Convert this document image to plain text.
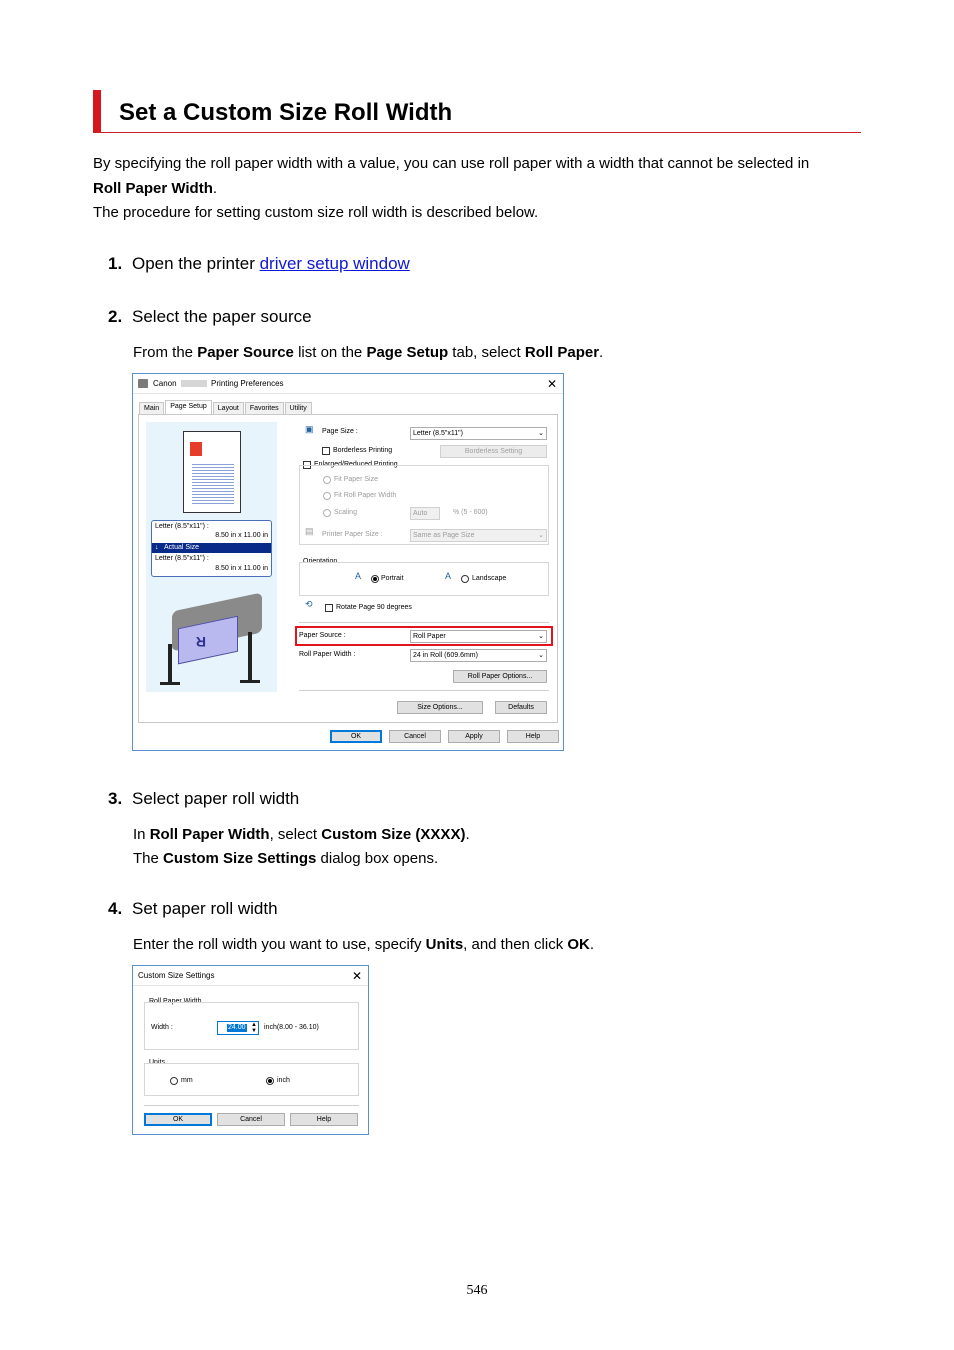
Set a Custom Size Roll Width
By specifying the roll paper width with a value, you can use roll paper with a width that cannot be selected in
Roll Paper Width.
The procedure for setting custom size roll width is described below.
1. Open the printer driver setup window
2. Select the paper source
From the Paper Source list on the Page Setup tab, select Roll Paper.
Canon	Printing Preferences	✕
Main	Page Setup	Layout	Favorites	Utility
Letter (8.5"x11") :
8.50 in x 11.00 in
↓ Actual Size
Letter (8.5"x11") :
8.50 in x 11.00 in
R
▣ Page Size :	Letter (8.5"x11")	⌄
Borderless Printing	Borderless Setting
Enlarged/Reduced Printing
Fit Paper Size
Fit Roll Paper Width
Scaling	Auto	% (5 - 600)
▤ Printer Paper Size :	Same as Page Size	⌄
Orientation
A	Portrait	A	Landscape
⟲	Rotate Page 90 degrees
Paper Source :	Roll Paper	⌄
Roll Paper Width :	24 in Roll (609.6mm)	⌄
Roll Paper Options...
Size Options...	Defaults
OK	Cancel	Apply	Help
3. Select paper roll width
In Roll Paper Width, select Custom Size (XXXX).
The Custom Size Settings dialog box opens.
4. Set paper roll width
Enter the roll width you want to use, specify Units, and then click OK.
Custom Size Settings	✕
Roll Paper Width
Width :	24.00 ▲
▼ inch(8.00 - 36.10)
Units
mm	inch
OK	Cancel	Help
546
